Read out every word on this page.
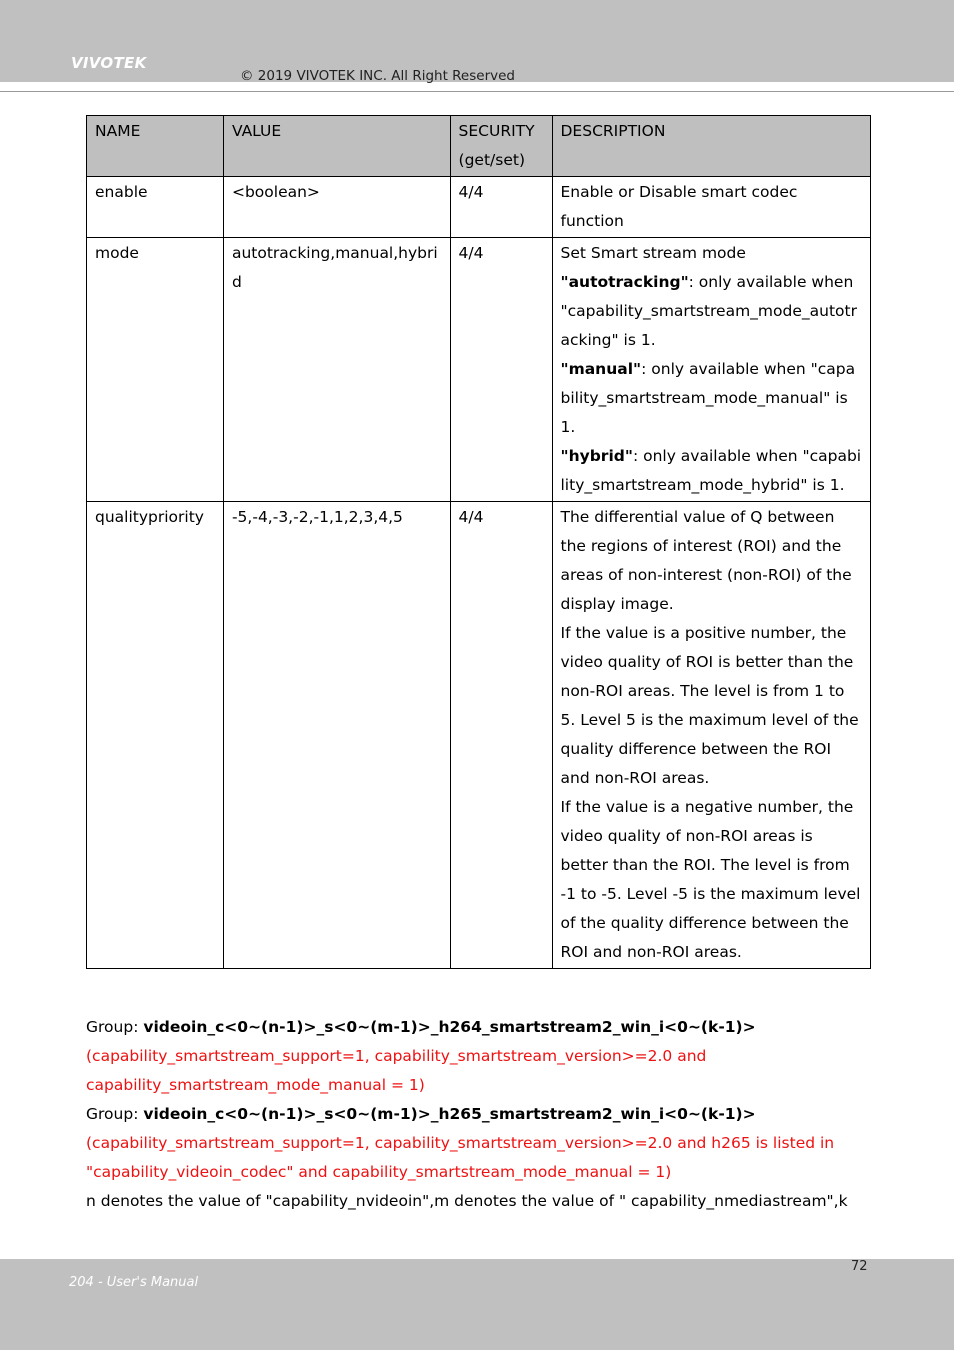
VIVOTEK
© 2019 VIVOTEK INC. All Right Reserved
NAME	VALUE	SECURITY (get/set)	DESCRIPTION
enable	<boolean>	4/4	Enable or Disable smart codec function

mode	autotracking,manual,hybrid	4/4	Set Smart stream mode
"autotracking": only available when "capability_smartstream_mode_autotracking" is 1.
"manual": only available when "capability_smartstream_mode_manual" is 1.
"hybrid": only available when "capability_smartstream_mode_hybrid" is 1.

qualitypriority	-5,-4,-3,-2,-1,1,2,3,4,5	4/4	The differential value of Q between the regions of interest (ROI) and the areas of non-interest (non-ROI) of the display image.
If the value is a positive number, the video quality of ROI is better than the non-ROI areas. The level is from 1 to 5. Level 5 is the maximum level of the quality difference between the ROI and non-ROI areas.
If the value is a negative number, the video quality of non-ROI areas is better than the ROI. The level is from -1 to -5. Level -5 is the maximum level of the quality difference between the ROI and non-ROI areas.
Group: videoin_c<0~(n-1)>_s<0~(m-1)>_h264_smartstream2_win_i<0~(k-1)>
(capability_smartstream_support=1, capability_smartstream_version>=2.0 and
capability_smartstream_mode_manual = 1)
Group: videoin_c<0~(n-1)>_s<0~(m-1)>_h265_smartstream2_win_i<0~(k-1)>
(capability_smartstream_support=1, capability_smartstream_version>=2.0 and h265 is listed in
"capability_videoin_codec" and capability_smartstream_mode_manual = 1)
n denotes the value of "capability_nvideoin",m denotes the value of " capability_nmediastream",k
72
204 - User's Manual
